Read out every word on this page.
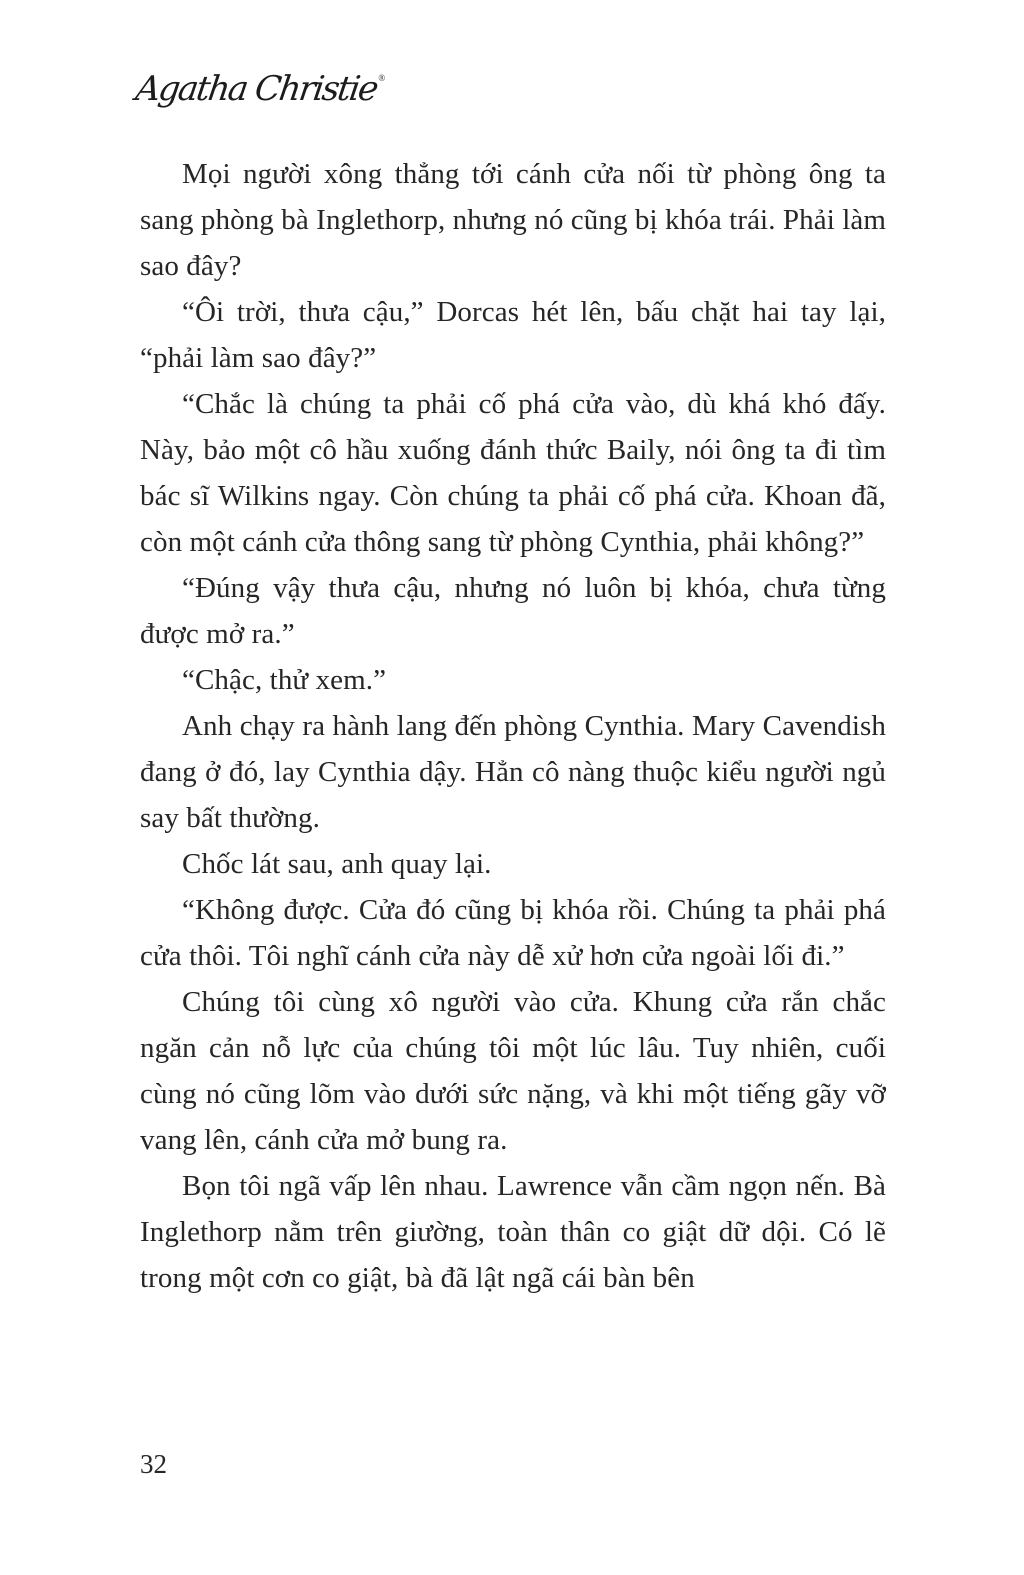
Agatha Christie ®

Mọi người xông thẳng tới cánh cửa nối từ phòng ông ta sang phòng bà Inglethorp, nhưng nó cũng bị khóa trái. Phải làm sao đây?

“Ôi trời, thưa cậu,” Dorcas hét lên, bấu chặt hai tay lại, “phải làm sao đây?”

“Chắc là chúng ta phải cố phá cửa vào, dù khá khó đấy. Này, bảo một cô hầu xuống đánh thức Baily, nói ông ta đi tìm bác sĩ Wilkins ngay. Còn chúng ta phải cố phá cửa. Khoan đã, còn một cánh cửa thông sang từ phòng Cynthia, phải không?”

“Đúng vậy thưa cậu, nhưng nó luôn bị khóa, chưa từng được mở ra.”

“Chậc, thử xem.”

Anh chạy ra hành lang đến phòng Cynthia. Mary Cavendish đang ở đó, lay Cynthia dậy. Hẳn cô nàng thuộc kiểu người ngủ say bất thường.

Chốc lát sau, anh quay lại.

“Không được. Cửa đó cũng bị khóa rồi. Chúng ta phải phá cửa thôi. Tôi nghĩ cánh cửa này dễ xử hơn cửa ngoài lối đi.”

Chúng tôi cùng xô người vào cửa. Khung cửa rắn chắc ngăn cản nỗ lực của chúng tôi một lúc lâu. Tuy nhiên, cuối cùng nó cũng lõm vào dưới sức nặng, và khi một tiếng gãy vỡ vang lên, cánh cửa mở bung ra.

Bọn tôi ngã vấp lên nhau. Lawrence vẫn cầm ngọn nến. Bà Inglethorp nằm trên giường, toàn thân co giật dữ dội. Có lẽ trong một cơn co giật, bà đã lật ngã cái bàn bên

32
